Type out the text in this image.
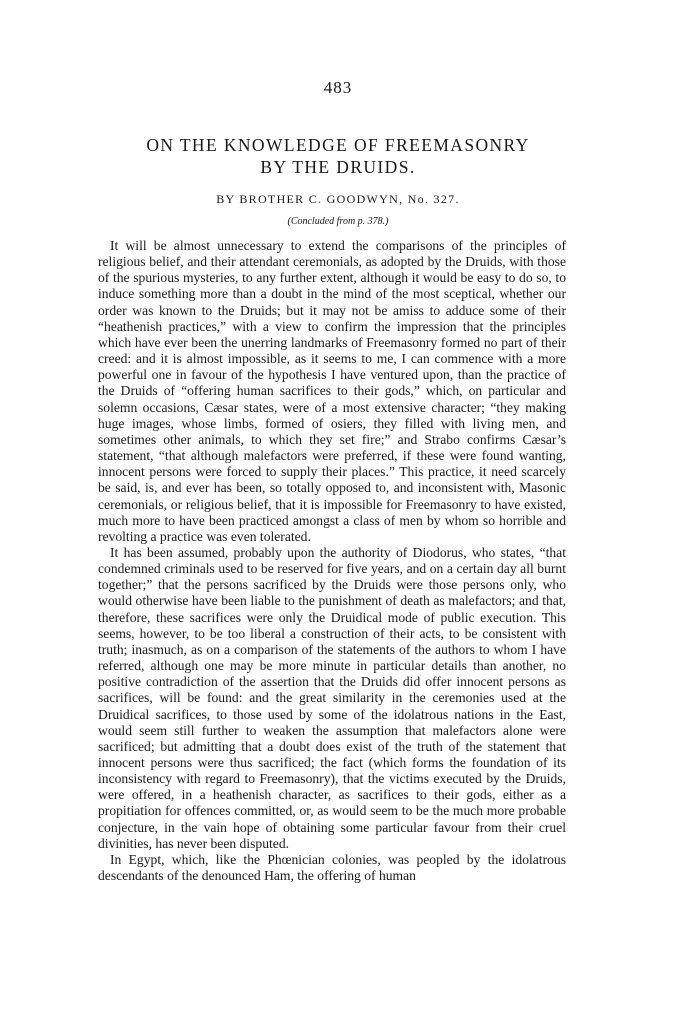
483
ON THE KNOWLEDGE OF FREEMASONRY
BY THE DRUIDS.
BY BROTHER C. GOODWYN, No. 327.
(Concluded from p. 378.)

It will be almost unnecessary to extend the comparisons of the principles of religious belief, and their attendant ceremonials, as adopted by the Druids, with those of the spurious mysteries, to any further extent, although it would be easy to do so, to induce something more than a doubt in the mind of the most sceptical, whether our order was known to the Druids; but it may not be amiss to adduce some of their “heathenish practices,” with a view to confirm the impression that the principles which have ever been the unerring landmarks of Freemasonry formed no part of their creed: and it is almost impossible, as it seems to me, I can commence with a more powerful one in favour of the hypothesis I have ventured upon, than the practice of the Druids of “offering human sacrifices to their gods,” which, on particular and solemn occasions, Cæsar states, were of a most extensive character; “they making huge images, whose limbs, formed of osiers, they filled with living men, and sometimes other animals, to which they set fire;” and Strabo confirms Cæsar’s statement, “that although malefactors were preferred, if these were found wanting, innocent persons were forced to supply their places.” This practice, it need scarcely be said, is, and ever has been, so totally opposed to, and inconsistent with, Masonic ceremonials, or religious belief, that it is impossible for Freemasonry to have existed, much more to have been practiced amongst a class of men by whom so horrible and revolting a practice was even tolerated.

It has been assumed, probably upon the authority of Diodorus, who states, “that condemned criminals used to be reserved for five years, and on a certain day all burnt together;” that the persons sacrificed by the Druids were those persons only, who would otherwise have been liable to the punishment of death as malefactors; and that, therefore, these sacrifices were only the Druidical mode of public execution. This seems, however, to be too liberal a construction of their acts, to be consistent with truth; inasmuch, as on a comparison of the statements of the authors to whom I have referred, although one may be more minute in particular details than another, no positive contradiction of the assertion that the Druids did offer innocent persons as sacrifices, will be found: and the great similarity in the ceremonies used at the Druidical sacrifices, to those used by some of the idolatrous nations in the East, would seem still further to weaken the assumption that malefactors alone were sacrificed; but admitting that a doubt does exist of the truth of the statement that innocent persons were thus sacrificed; the fact (which forms the foundation of its inconsistency with regard to Freemasonry), that the victims executed by the Druids, were offered, in a heathenish character, as sacrifices to their gods, either as a propitiation for offences committed, or, as would seem to be the much more probable conjecture, in the vain hope of obtaining some particular favour from their cruel divinities, has never been disputed.

In Egypt, which, like the Phœnician colonies, was peopled by the idolatrous descendants of the denounced Ham, the offering of human
